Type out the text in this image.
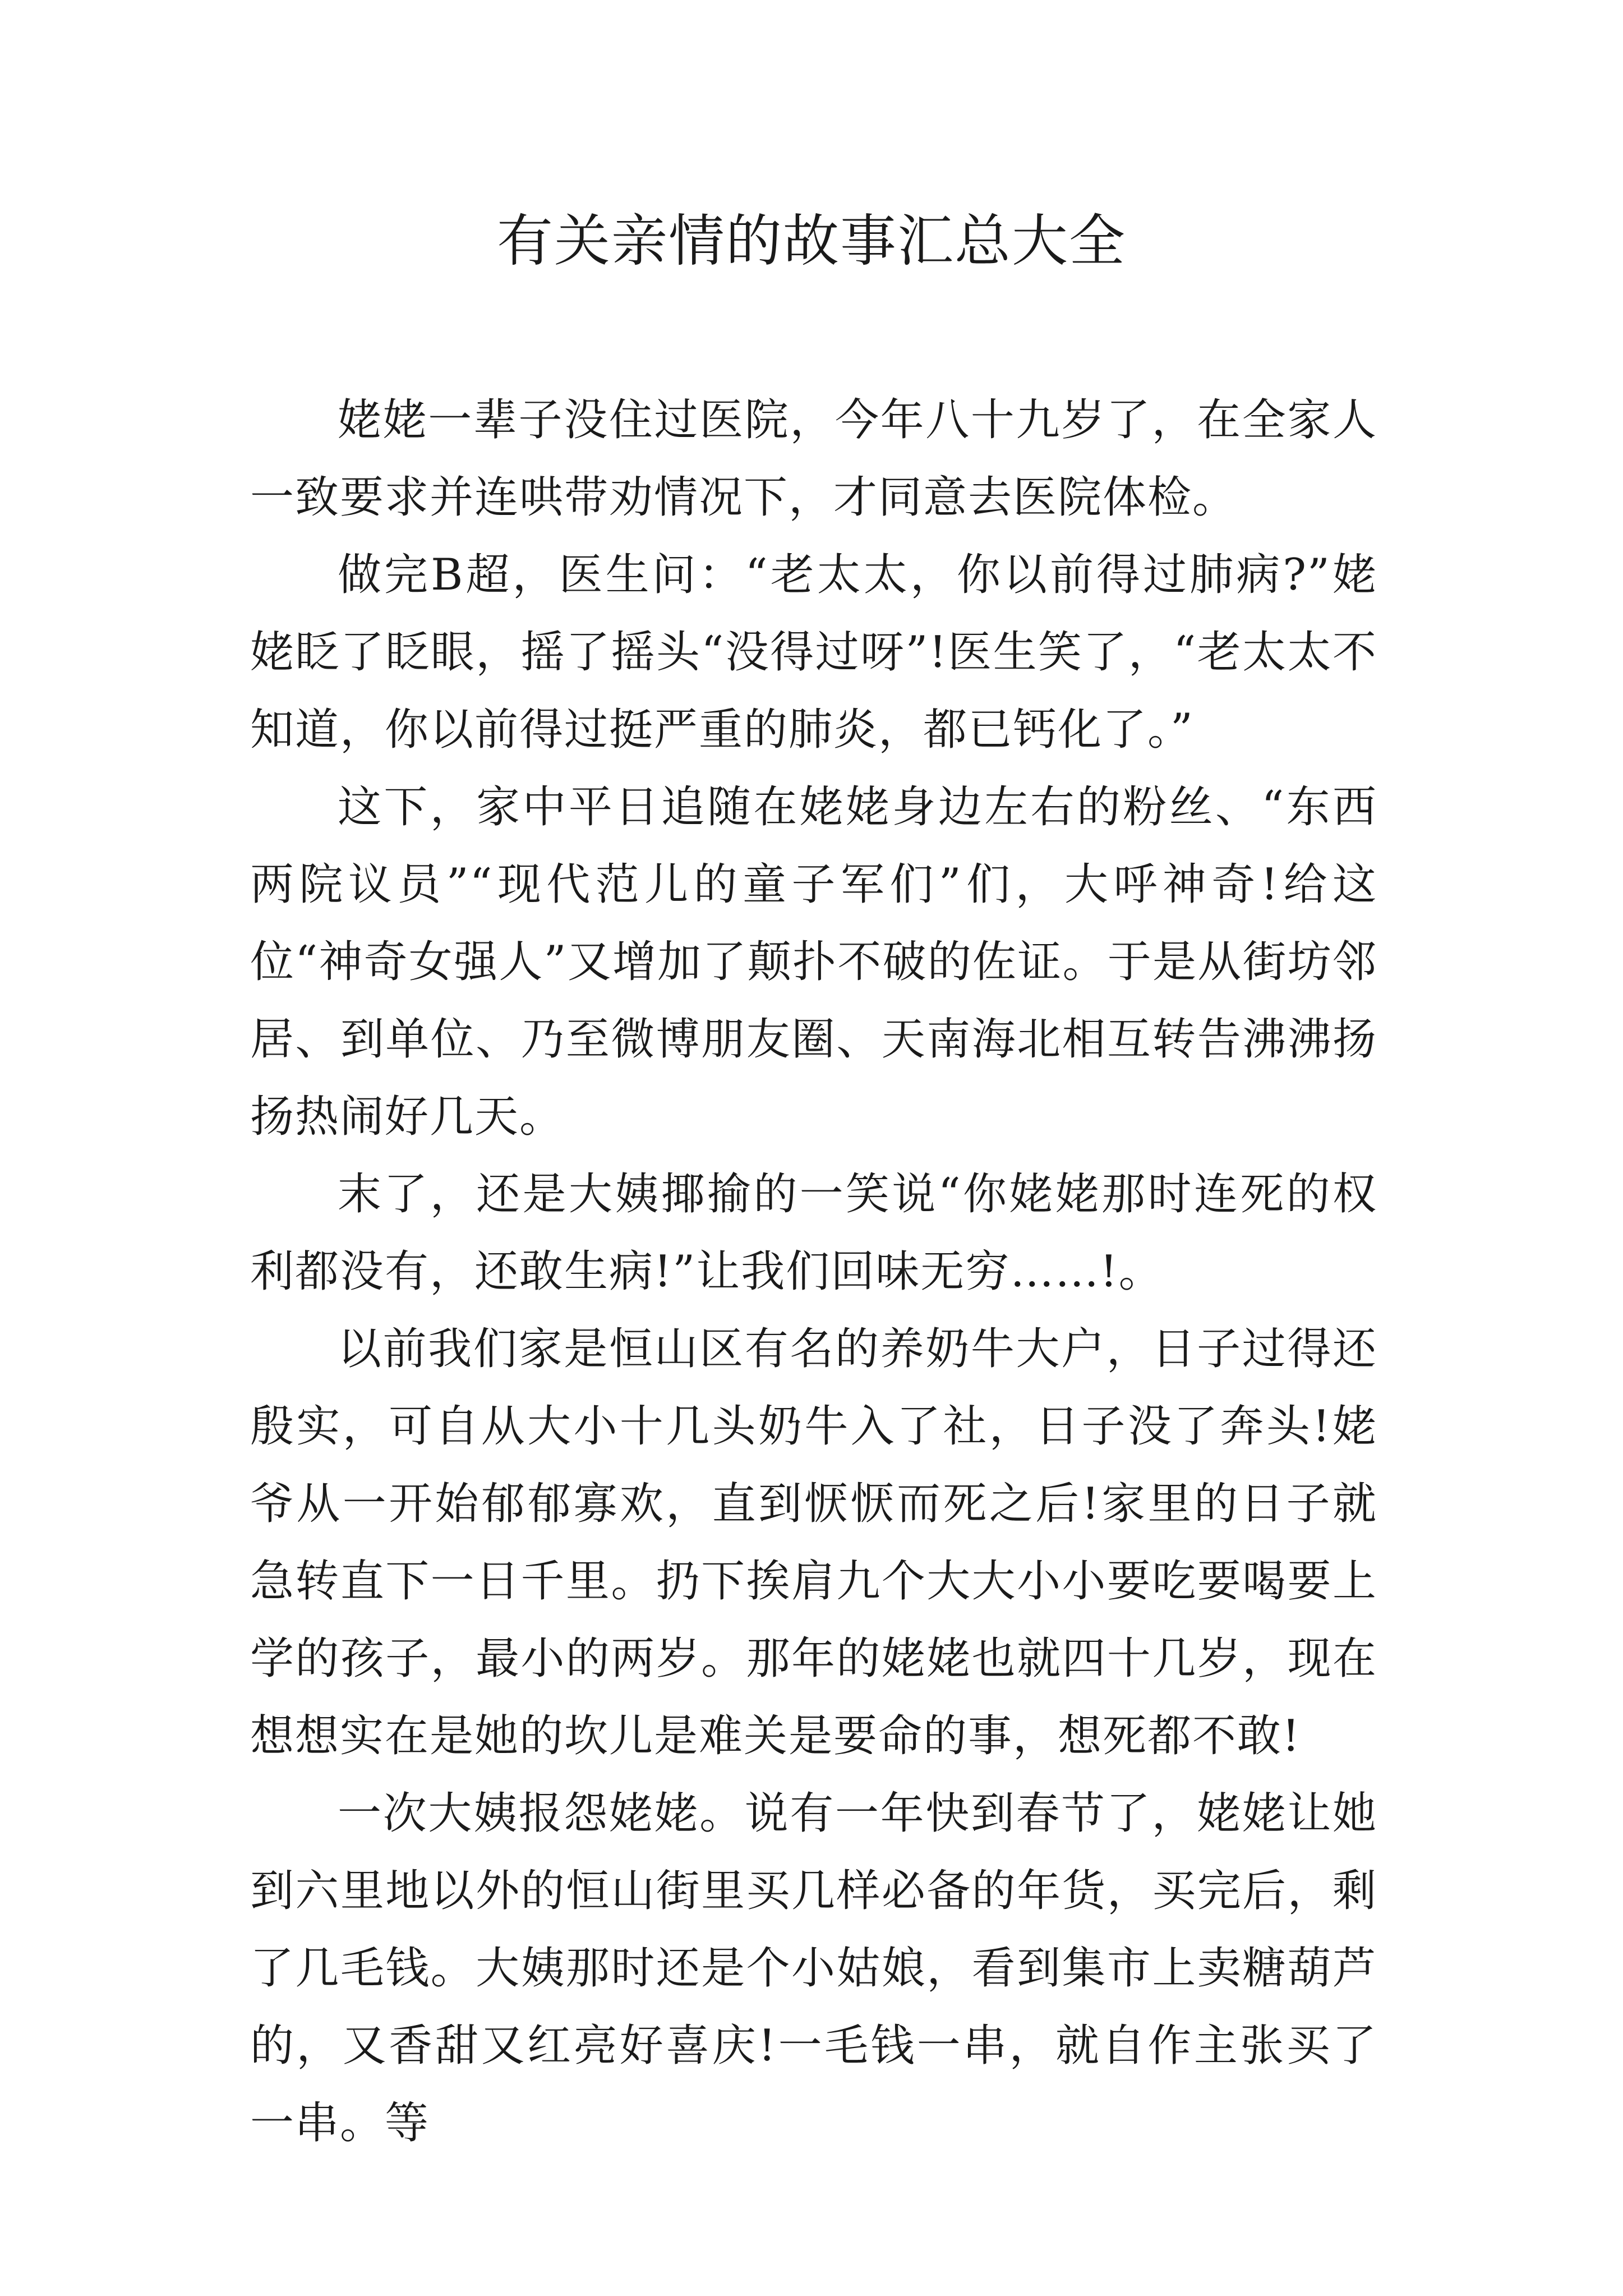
有关亲情的故事汇总大全

姥姥一辈子没住过医院，今年八十九岁了，在全家人一致要求并连哄带劝情况下，才同意去医院体检。

做完B超，医生问：“老太太，你以前得过肺病?”姥姥眨了眨眼，摇了摇头“没得过呀”!医生笑了，“老太太不知道，你以前得过挺严重的肺炎，都已钙化了。”

这下，家中平日追随在姥姥身边左右的粉丝、“东西两院议员”“现代范儿的童子军们”们，大呼神奇!给这位“神奇女强人”又增加了颠扑不破的佐证。于是从街坊邻居、到单位、乃至微博朋友圈、天南海北相互转告沸沸扬扬热闹好几天。

末了，还是大姨揶揄的一笑说“你姥姥那时连死的权利都没有，还敢生病!”让我们回味无穷……!。

以前我们家是恒山区有名的养奶牛大户，日子过得还殷实，可自从大小十几头奶牛入了社，日子没了奔头!姥爷从一开始郁郁寡欢，直到恹恹而死之后!家里的日子就急转直下一日千里。扔下挨肩九个大大小小要吃要喝要上学的孩子，最小的两岁。那年的姥姥也就四十几岁，现在想想实在是她的坎儿是难关是要命的事，想死都不敢!

一次大姨报怨姥姥。说有一年快到春节了，姥姥让她到六里地以外的恒山街里买几样必备的年货，买完后，剩了几毛钱。大姨那时还是个小姑娘，看到集市上卖糖葫芦的，又香甜又红亮好喜庆!一毛钱一串，就自作主张买了一串。等
